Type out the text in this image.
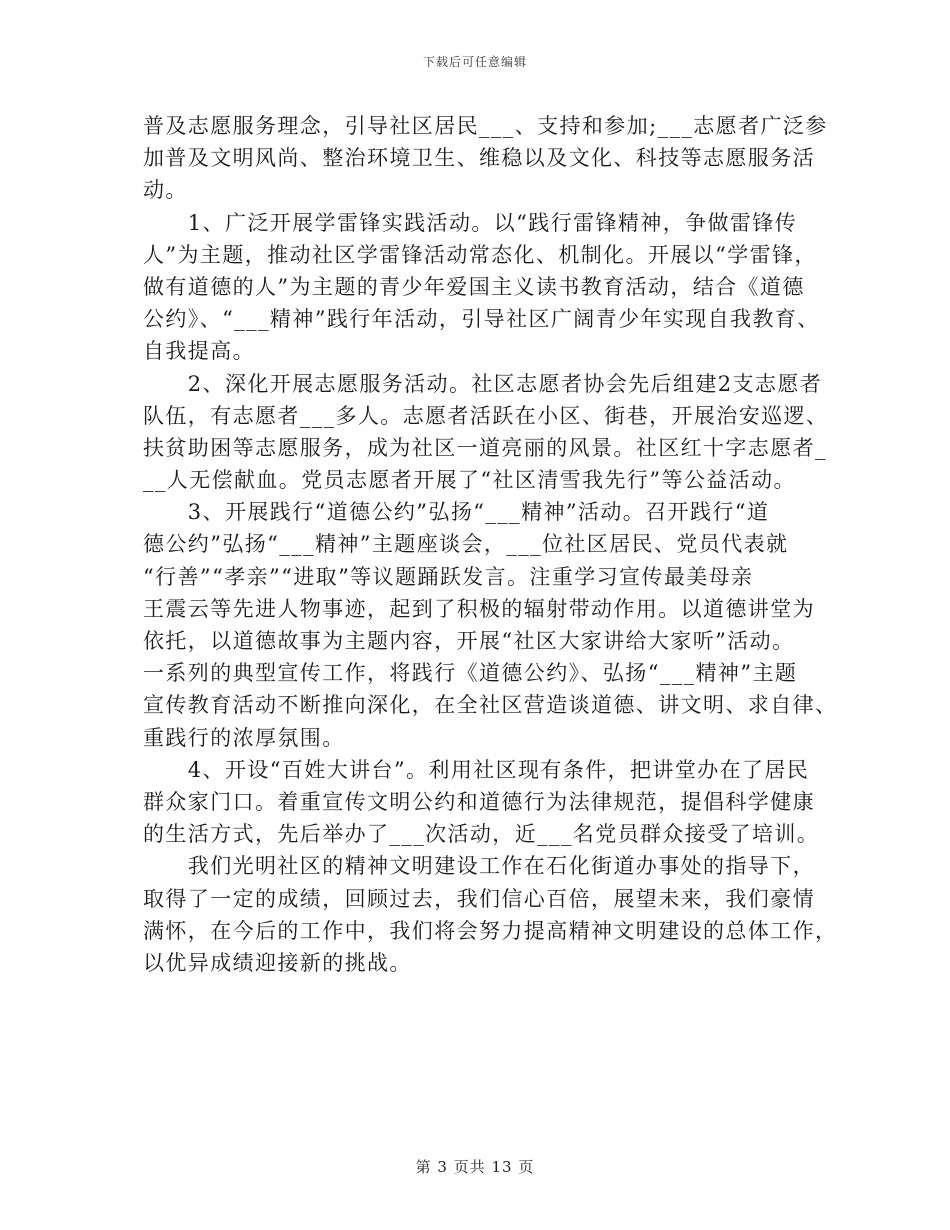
下载后可任意编辑
普及志愿服务理念，引导社区居民___、支持和参加;___志愿者广泛参
加普及文明风尚、整治环境卫生、维稳以及文化、科技等志愿服务活
动。
　　1、广泛开展学雷锋实践活动。以“践行雷锋精神，争做雷锋传
人”为主题，推动社区学雷锋活动常态化、机制化。开展以“学雷锋，
做有道德的人”为主题的青少年爱国主义读书教育活动，结合《道德
公约》、“___精神”践行年活动，引导社区广阔青少年实现自我教育、
自我提高。
　　2、深化开展志愿服务活动。社区志愿者协会先后组建2支志愿者
队伍，有志愿者___多人。志愿者活跃在小区、街巷，开展治安巡逻、
扶贫助困等志愿服务，成为社区一道亮丽的风景。社区红十字志愿者_
__人无偿献血。党员志愿者开展了“社区清雪我先行”等公益活动。
　　3、开展践行“道德公约”弘扬“___精神”活动。召开践行“道
德公约”弘扬“___精神”主题座谈会，___位社区居民、党员代表就
“行善”“孝亲”“进取”等议题踊跃发言。注重学习宣传最美母亲
王震云等先进人物事迹，起到了积极的辐射带动作用。以道德讲堂为
依托，以道德故事为主题内容，开展“社区大家讲给大家听”活动。
一系列的典型宣传工作，将践行《道德公约》、弘扬“___精神”主题
宣传教育活动不断推向深化，在全社区营造谈道德、讲文明、求自律、
重践行的浓厚氛围。
　　4、开设“百姓大讲台”。利用社区现有条件，把讲堂办在了居民
群众家门口。着重宣传文明公约和道德行为法律规范，提倡科学健康
的生活方式，先后举办了___次活动，近___名党员群众接受了培训。
　　我们光明社区的精神文明建设工作在石化街道办事处的指导下，
取得了一定的成绩，回顾过去，我们信心百倍，展望未来，我们豪情
满怀，在今后的工作中，我们将会努力提高精神文明建设的总体工作，
以优异成绩迎接新的挑战。
第 3 页共 13 页
